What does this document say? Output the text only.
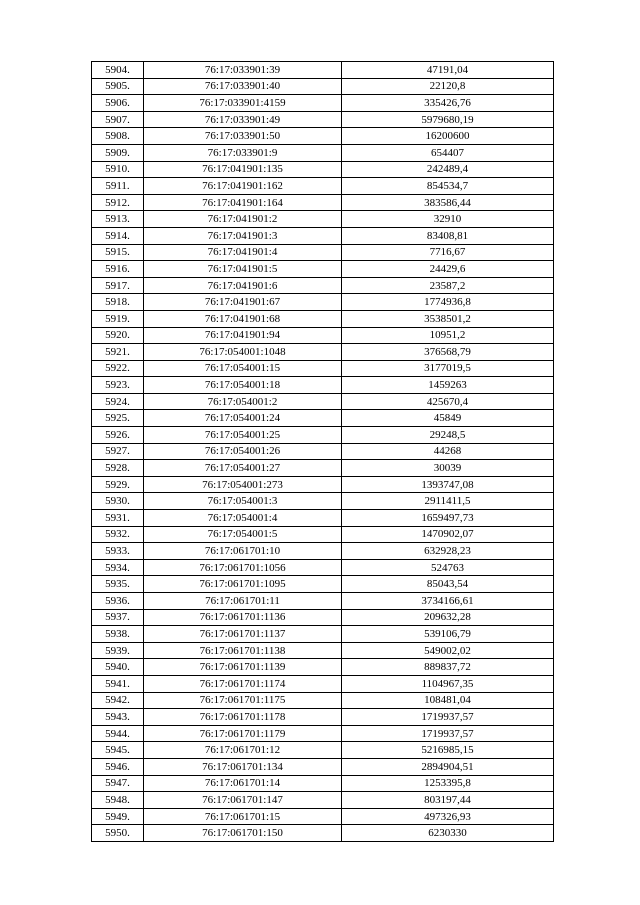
5904.	76:17:033901:39	47191,04
5905.	76:17:033901:40	22120,8
5906.	76:17:033901:4159	335426,76
5907.	76:17:033901:49	5979680,19
5908.	76:17:033901:50	16200600
5909.	76:17:033901:9	654407
5910.	76:17:041901:135	242489,4
5911.	76:17:041901:162	854534,7
5912.	76:17:041901:164	383586,44
5913.	76:17:041901:2	32910
5914.	76:17:041901:3	83408,81
5915.	76:17:041901:4	7716,67
5916.	76:17:041901:5	24429,6
5917.	76:17:041901:6	23587,2
5918.	76:17:041901:67	1774936,8
5919.	76:17:041901:68	3538501,2
5920.	76:17:041901:94	10951,2
5921.	76:17:054001:1048	376568,79
5922.	76:17:054001:15	3177019,5
5923.	76:17:054001:18	1459263
5924.	76:17:054001:2	425670,4
5925.	76:17:054001:24	45849
5926.	76:17:054001:25	29248,5
5927.	76:17:054001:26	44268
5928.	76:17:054001:27	30039
5929.	76:17:054001:273	1393747,08
5930.	76:17:054001:3	2911411,5
5931.	76:17:054001:4	1659497,73
5932.	76:17:054001:5	1470902,07
5933.	76:17:061701:10	632928,23
5934.	76:17:061701:1056	524763
5935.	76:17:061701:1095	85043,54
5936.	76:17:061701:11	3734166,61
5937.	76:17:061701:1136	209632,28
5938.	76:17:061701:1137	539106,79
5939.	76:17:061701:1138	549002,02
5940.	76:17:061701:1139	889837,72
5941.	76:17:061701:1174	1104967,35
5942.	76:17:061701:1175	108481,04
5943.	76:17:061701:1178	1719937,57
5944.	76:17:061701:1179	1719937,57
5945.	76:17:061701:12	5216985,15
5946.	76:17:061701:134	2894904,51
5947.	76:17:061701:14	1253395,8
5948.	76:17:061701:147	803197,44
5949.	76:17:061701:15	497326,93
5950.	76:17:061701:150	6230330
